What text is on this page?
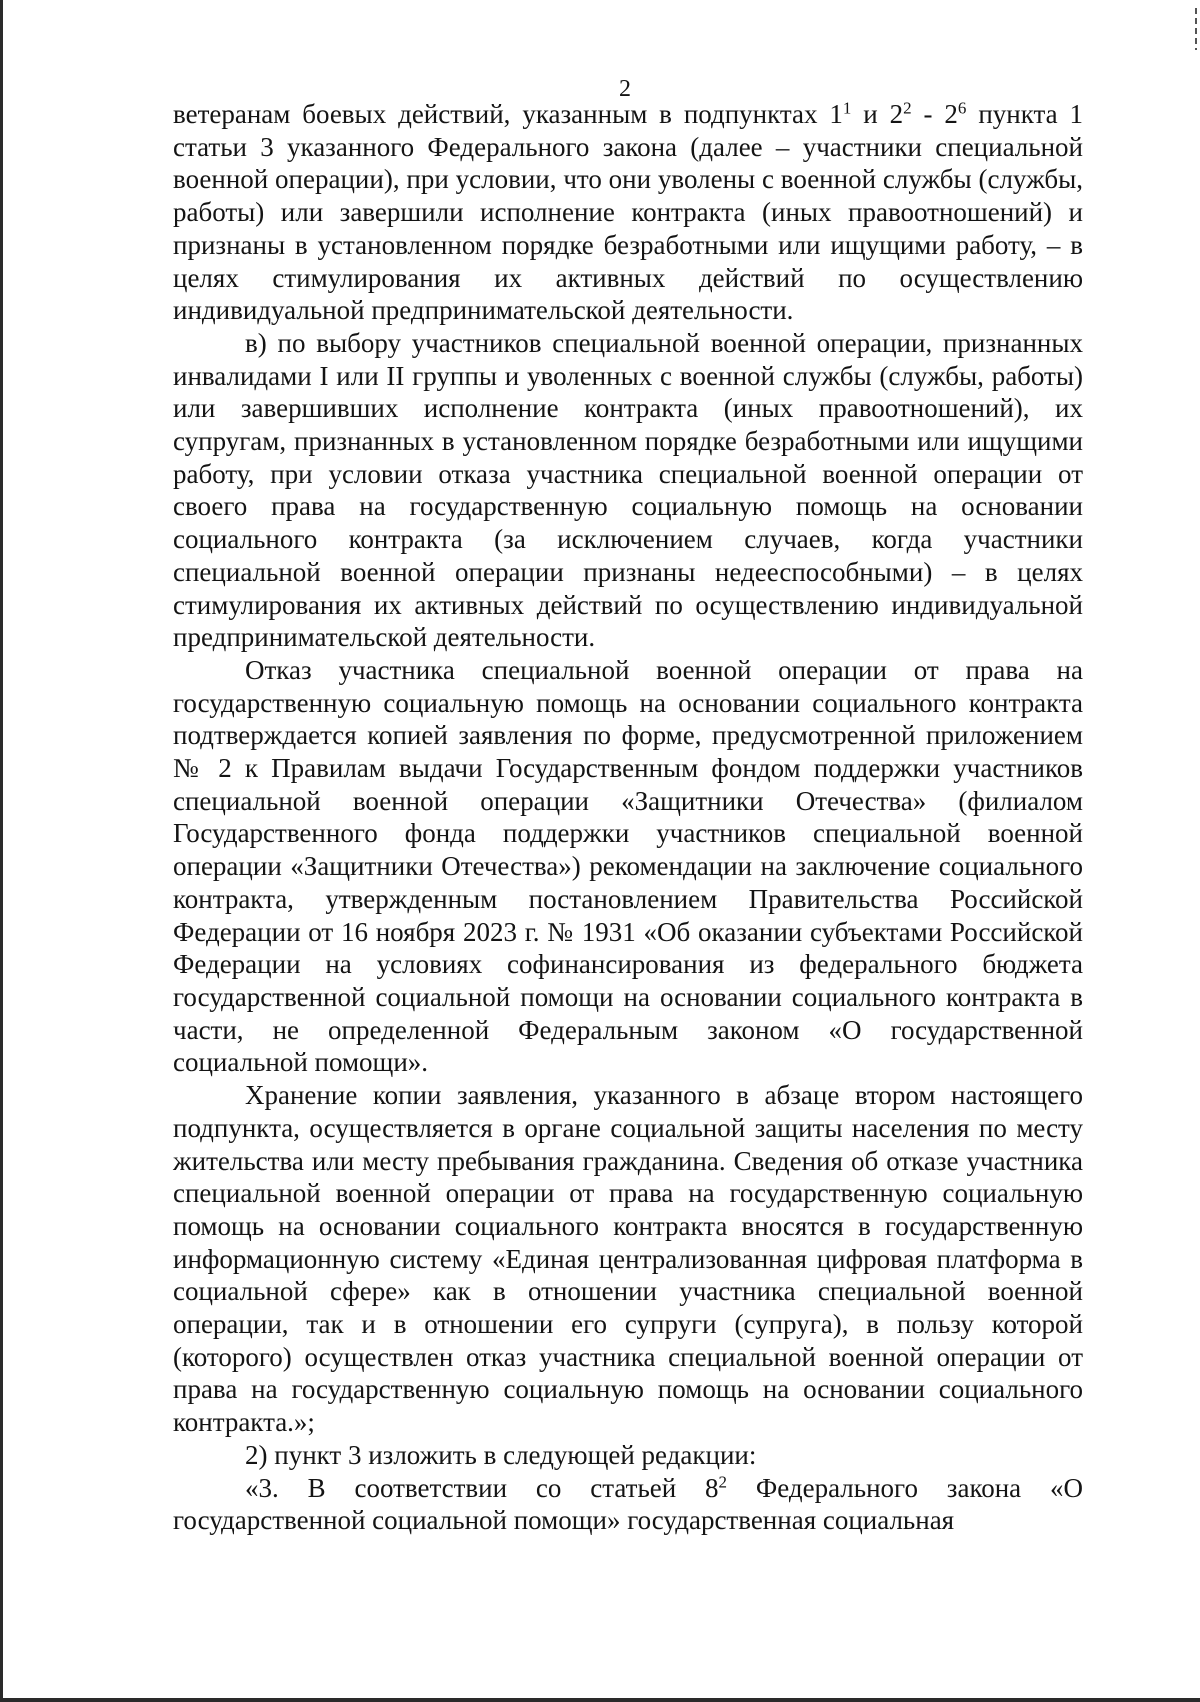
2

ветеранам боевых действий, указанным в подпунктах $1^1$ и $2^2 - 2^6$ пункта 1 статьи 3 указанного Федерального закона (далее – участники специальной военной операции), при условии, что они уволены с военной службы (службы, работы) или завершили исполнение контракта (иных правоотношений) и признаны в установленном порядке безработными или ищущими работу, – в целях стимулирования их активных действий по осуществлению индивидуальной предпринимательской деятельности.

в) по выбору участников специальной военной операции, признанных инвалидами I или II группы и уволенных с военной службы (службы, работы) или завершивших исполнение контракта (иных правоотношений), их супругам, признанных в установленном порядке безработными или ищущими работу, при условии отказа участника специальной военной операции от своего права на государственную социальную помощь на основании социального контракта (за исключением случаев, когда участники специальной военной операции признаны недееспособными) – в целях стимулирования их активных действий по осуществлению индивидуальной предпринимательской деятельности.

Отказ участника специальной военной операции от права на государственную социальную помощь на основании социального контракта подтверждается копией заявления по форме, предусмотренной приложением № 2 к Правилам выдачи Государственным фондом поддержки участников специальной военной операции «Защитники Отечества» (филиалом Государственного фонда поддержки участников специальной военной операции «Защитники Отечества») рекомендации на заключение социального контракта, утвержденным постановлением Правительства Российской Федерации от 16 ноября 2023 г. № 1931 «Об оказании субъектами Российской Федерации на условиях софинансирования из федерального бюджета государственной социальной помощи на основании социального контракта в части, не определенной Федеральным законом «О государственной социальной помощи».

Хранение копии заявления, указанного в абзаце втором настоящего подпункта, осуществляется в органе социальной защиты населения по месту жительства или месту пребывания гражданина. Сведения об отказе участника специальной военной операции от права на государственную социальную помощь на основании социального контракта вносятся в государственную информационную систему «Единая централизованная цифровая платформа в социальной сфере» как в отношении участника специальной военной операции, так и в отношении его супруги (супруга), в пользу которой (которого) осуществлен отказ участника специальной военной операции от права на государственную социальную помощь на основании социального контракта.»;

2) пункт 3 изложить в следующей редакции:

«3. В соответствии со статьей $8^2$ Федерального закона «О государственной социальной помощи» государственная социальная
